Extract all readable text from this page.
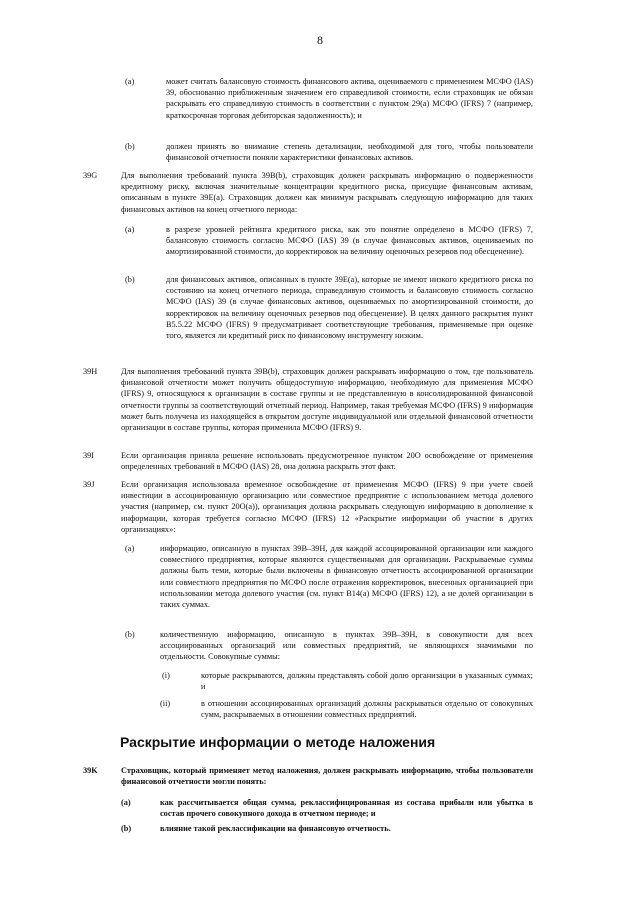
8
(a)	может считать балансовую стоимость финансового актива, оцениваемого с применением МСФО (IAS) 39, обоснованно приближенным значением его справедливой стоимости, если страховщик не обязан раскрывать его справедливую стоимость в соответствии с пунктом 29(а) МСФО (IFRS) 7 (например, краткосрочная торговая дебиторская задолженность); и
(b)	должен принять во внимание степень детализации, необходимой для того, чтобы пользователи финансовой отчетности поняли характеристики финансовых активов.
39G	Для выполнения требований пункта 39B(b), страховщик должен раскрывать информацию о подверженности кредитному риску, включая значительные концентрации кредитного риска, присущие финансовым активам, описанным в пункте 39E(a). Страховщик должен как минимум раскрывать следующую информацию для таких финансовых активов на конец отчетного периода:
(a)	в разрезе уровней рейтинга кредитного риска, как это понятие определено в МСФО (IFRS) 7, балансовую стоимость согласно МСФО (IAS) 39 (в случае финансовых активов, оцениваемых по амортизированной стоимости, до корректировок на величину оценочных резервов под обесценение).
(b)	для финансовых активов, описанных в пункте 39E(a), которые не имеют низкого кредитного риска по состоянию на конец отчетного периода, справедливую стоимость и балансовую стоимость согласно МСФО (IAS) 39 (в случае финансовых активов, оцениваемых по амортизированной стоимости, до корректировок на величину оценочных резервов под обесценение). В целях данного раскрытия пункт B5.5.22 МСФО (IFRS) 9 предусматривает соответствующие требования, применяемые при оценке того, является ли кредитный риск по финансовому инструменту низким.
39H	Для выполнения требований пункта 39B(b), страховщик должен раскрывать информацию о том, где пользователь финансовой отчетности может получить общедоступную информацию, необходимую для применения МСФО (IFRS) 9, относящуюся к организации в составе группы и не представленную в консолидированной финансовой отчетности группы за соответствующий отчетный период. Например, такая требуемая МСФО (IFRS) 9 информация может быть получена из находящейся в открытом доступе индивидуальной или отдельной финансовой отчетности организации в составе группы, которая применила МСФО (IFRS) 9.
39I	Если организация приняла решение использовать предусмотренное пунктом 20O освобождение от применения определенных требований в МСФО (IAS) 28, она должна раскрыть этот факт.
39J	Если организация использовала временное освобождение от применения МСФО (IFRS) 9 при учете своей инвестиции в ассоциированную организацию или совместное предприятие с использованием метода долевого участия (например, см. пункт 20O(a)), организация должна раскрывать следующую информацию в дополнение к информации, которая требуется согласно МСФО (IFRS) 12 «Раскрытие информации об участии в других организациях»:
(a)	информацию, описанную в пунктах 39B–39H, для каждой ассоциированной организации или каждого совместного предприятия, которые являются существенными для организации. Раскрываемые суммы должны быть теми, которые были включены в финансовую отчетность ассоциированной организации или совместного предприятия по МСФО после отражения корректировок, внесенных организацией при использовании метода долевого участия (см. пункт B14(a) МСФО (IFRS) 12), а не долей организации в таких суммах.
(b)	количественную информацию, описанную в пунктах 39B–39H, в совокупности для всех ассоциированных организаций или совместных предприятий, не являющихся значимыми по отдельности. Совокупные суммы:
(i)	которые раскрываются, должны представлять собой долю организации в указанных суммах; и
(ii)	в отношении ассоциированных организаций должны раскрываться отдельно от совокупных сумм, раскрываемых в отношении совместных предприятий.
Раскрытие информации о методе наложения
39K	Страховщик, который применяет метод наложения, должен раскрывать информацию, чтобы пользователи финансовой отчетности могли понять:
(a)	как рассчитывается общая сумма, реклассифицированная из состава прибыли или убытка в состав прочего совокупного дохода в отчетном периоде; и
(b)	влияние такой реклассификации на финансовую отчетность.
